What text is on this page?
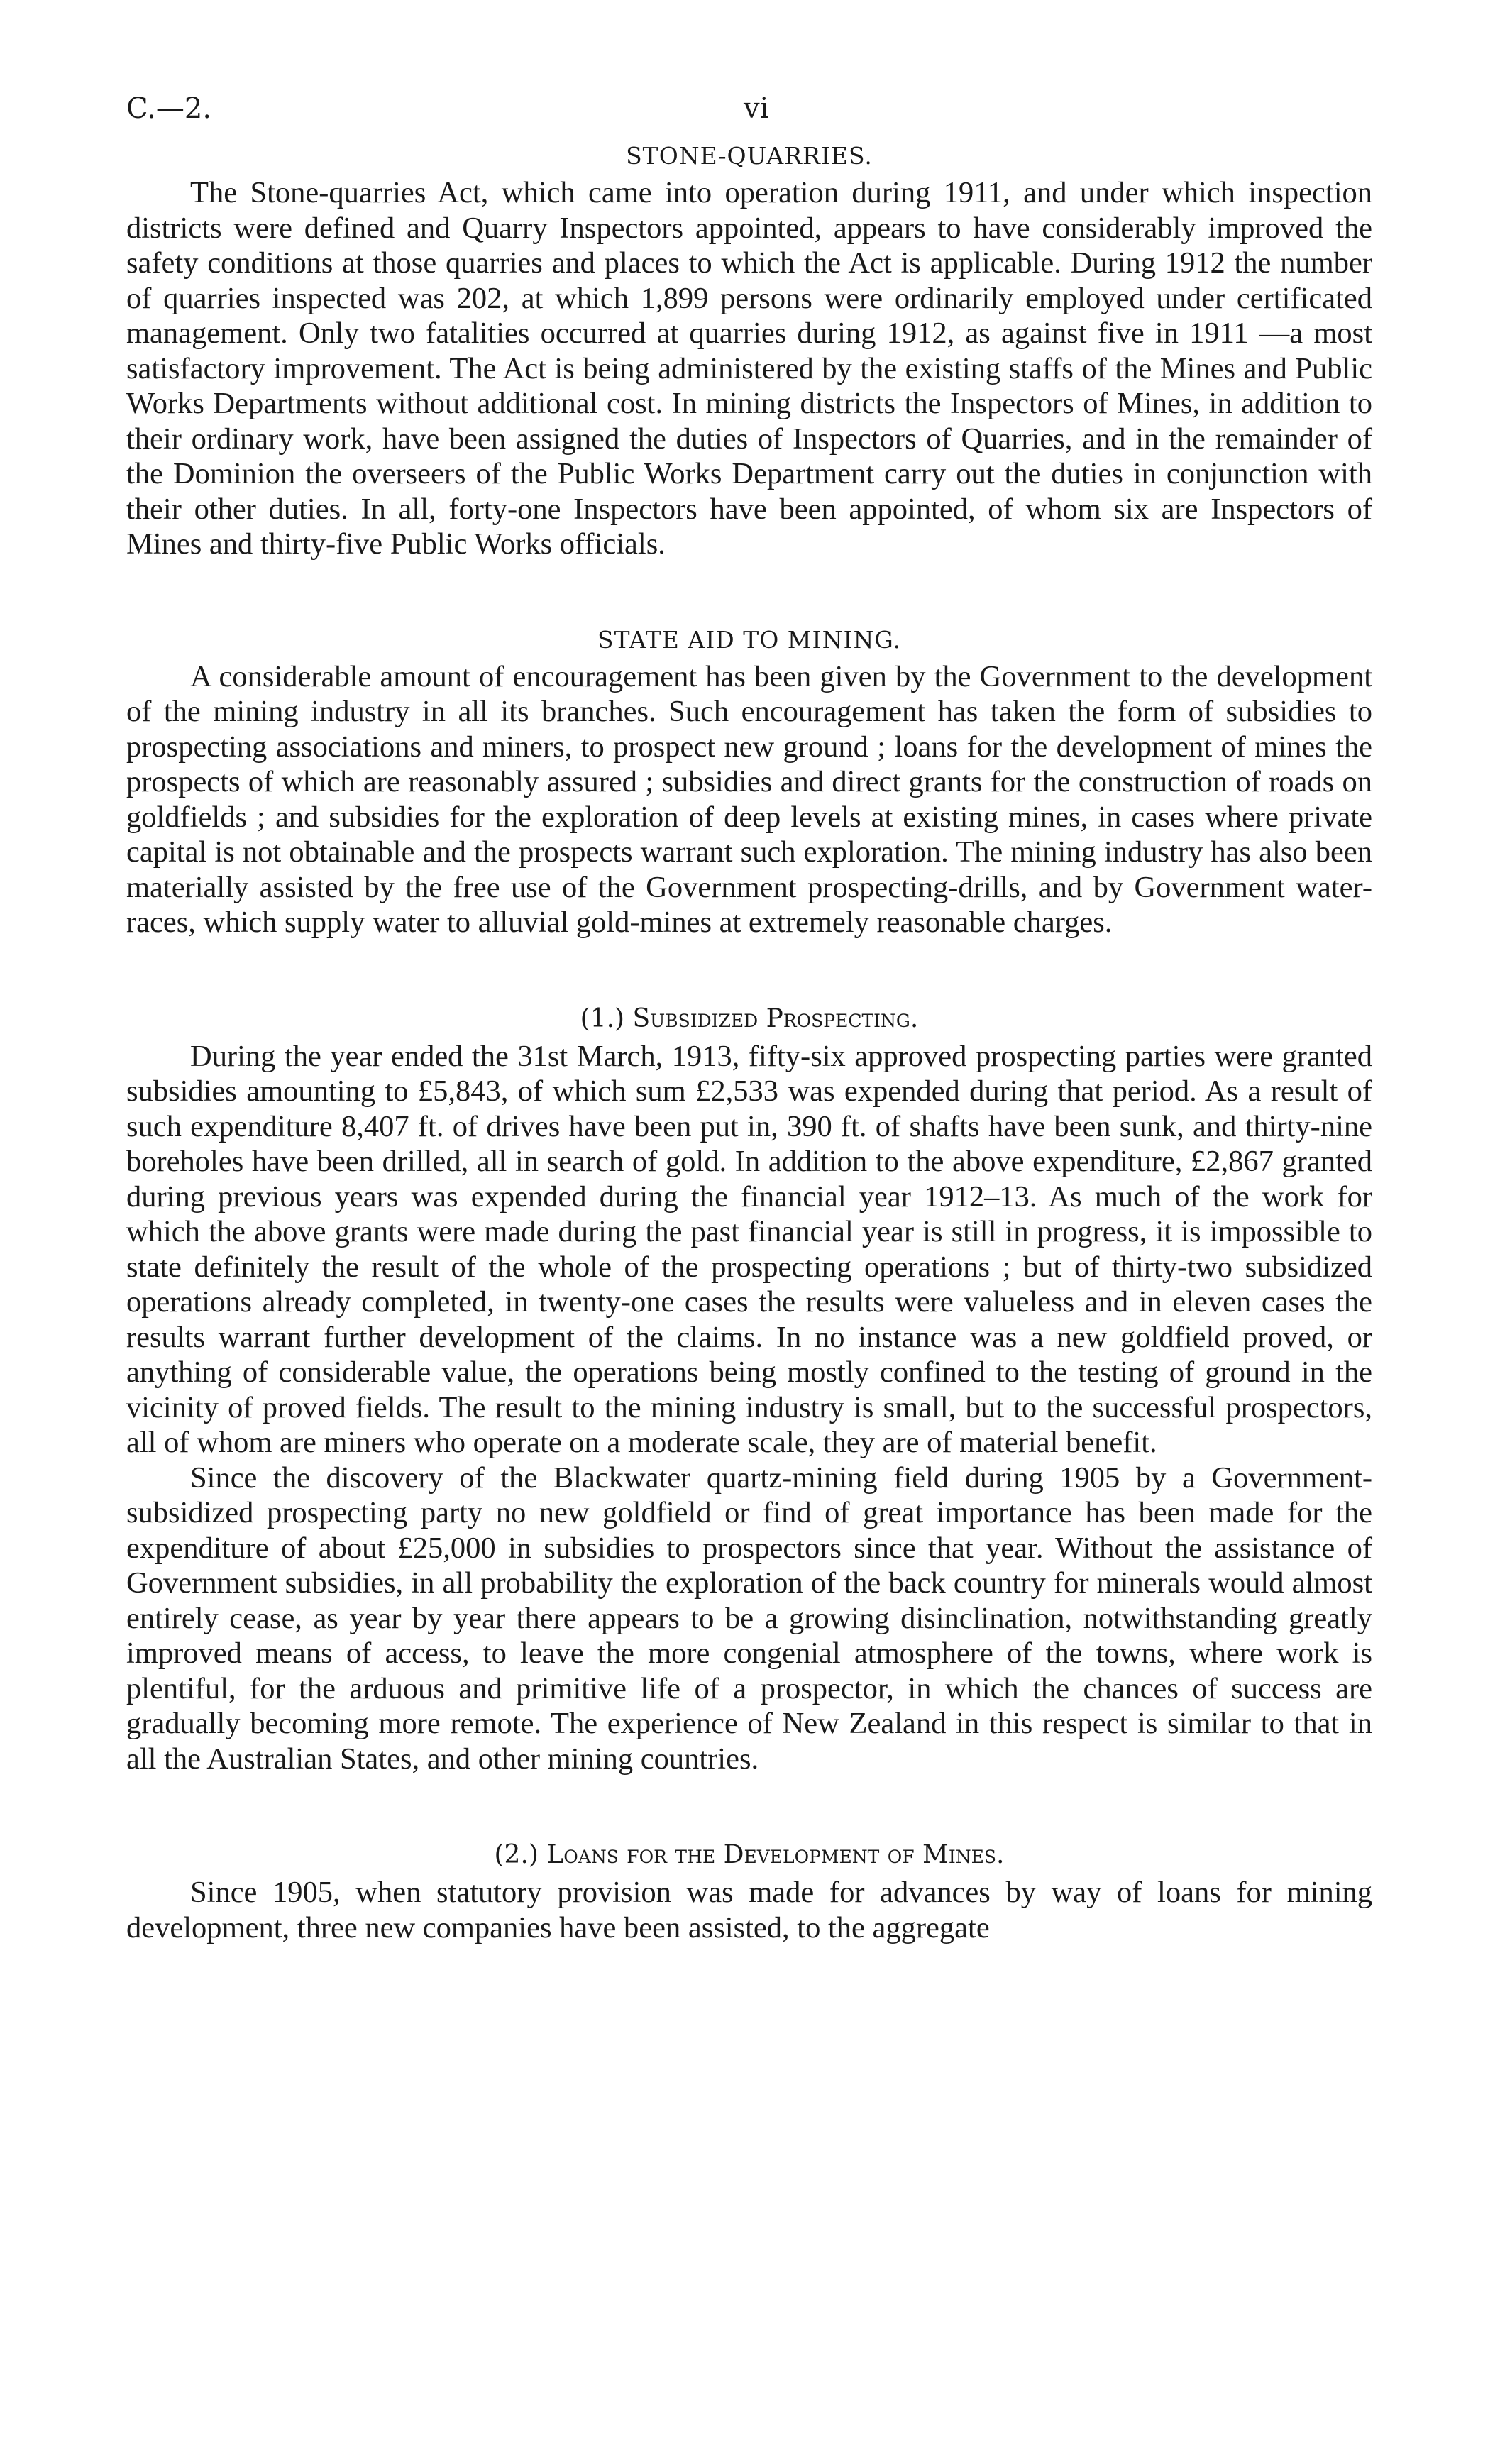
C.—2.	vi
STONE-QUARRIES.

The Stone-quarries Act, which came into operation during 1911, and under which inspection districts were defined and Quarry Inspectors appointed, appears to have considerably improved the safety conditions at those quarries and places to which the Act is applicable. During 1912 the number of quarries inspected was 202, at which 1,899 persons were ordinarily employed under certificated management. Only two fatalities occurred at quarries during 1912, as against five in 1911 —a most satisfactory improvement. The Act is being administered by the existing staffs of the Mines and Public Works Departments without additional cost. In mining districts the Inspectors of Mines, in addition to their ordinary work, have been assigned the duties of Inspectors of Quarries, and in the remainder of the Dominion the overseers of the Public Works Department carry out the duties in conjunction with their other duties. In all, forty-one Inspectors have been appointed, of whom six are Inspectors of Mines and thirty-five Public Works officials.

STATE AID TO MINING.

A considerable amount of encouragement has been given by the Government to the development of the mining industry in all its branches. Such encouragement has taken the form of subsidies to prospecting associations and miners, to prospect new ground ; loans for the development of mines the prospects of which are reasonably assured ; subsidies and direct grants for the construction of roads on goldfields ; and subsidies for the exploration of deep levels at existing mines, in cases where private capital is not obtainable and the prospects warrant such exploration. The mining industry has also been materially assisted by the free use of the Government prospecting-drills, and by Government water-races, which supply water to alluvial gold-mines at extremely reasonable charges.

(1.) Subsidized Prospecting.

During the year ended the 31st March, 1913, fifty-six approved prospecting parties were granted subsidies amounting to £5,843, of which sum £2,533 was expended during that period. As a result of such expenditure 8,407 ft. of drives have been put in, 390 ft. of shafts have been sunk, and thirty-nine boreholes have been drilled, all in search of gold. In addition to the above expenditure, £2,867 granted during previous years was expended during the financial year 1912–13. As much of the work for which the above grants were made during the past financial year is still in progress, it is impossible to state definitely the result of the whole of the prospecting operations ; but of thirty-two subsidized operations already completed, in twenty-one cases the results were valueless and in eleven cases the results warrant further development of the claims. In no instance was a new goldfield proved, or anything of considerable value, the operations being mostly confined to the testing of ground in the vicinity of proved fields. The result to the mining industry is small, but to the successful prospectors, all of whom are miners who operate on a moderate scale, they are of material benefit.

Since the discovery of the Blackwater quartz-mining field during 1905 by a Government-subsidized prospecting party no new goldfield or find of great importance has been made for the expenditure of about £25,000 in subsidies to prospectors since that year. Without the assistance of Government subsidies, in all probability the exploration of the back country for minerals would almost entirely cease, as year by year there appears to be a growing disinclination, notwithstanding greatly improved means of access, to leave the more congenial atmosphere of the towns, where work is plentiful, for the arduous and primitive life of a prospector, in which the chances of success are gradually becoming more remote. The experience of New Zealand in this respect is similar to that in all the Australian States, and other mining countries.

(2.) Loans for the Development of Mines.

Since 1905, when statutory provision was made for advances by way of loans for mining development, three new companies have been assisted, to the aggregate
